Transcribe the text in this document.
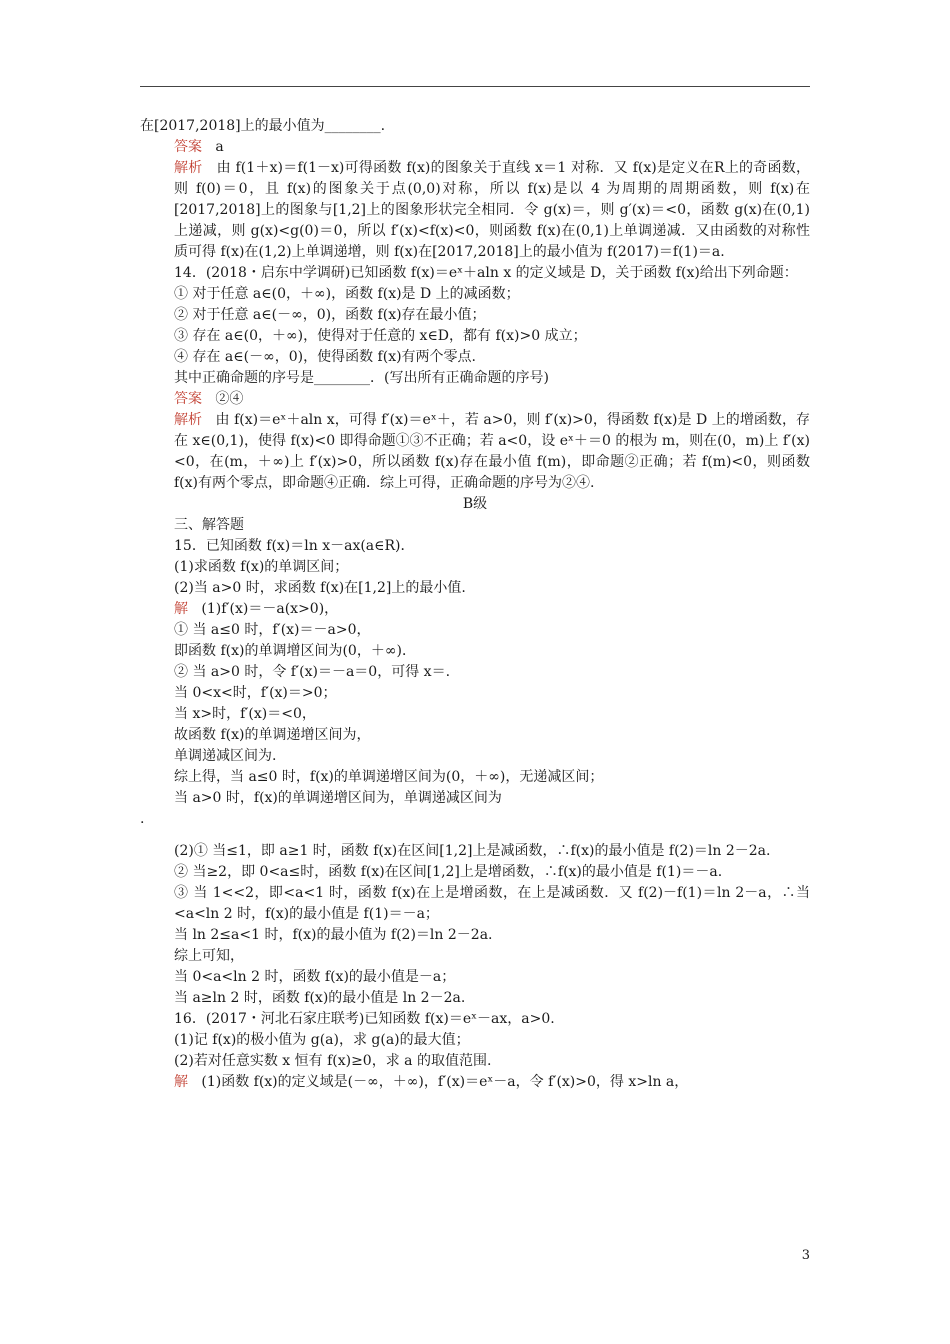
在[2017,2018]上的最小值为________.

答案 a

解析 由 f(1＋x)＝f(1－x)可得函数 f(x)的图象关于直线 x＝1 对称．又 f(x)是定义在R上的奇函数，则 f(0)＝0，且 f(x)的图象关于点(0,0)对称，所以 f(x)是以 4 为周期的周期函数，则 f(x)在[2017,2018]上的图象与[1,2]上的图象形状完全相同．令 g(x)＝，则 g′(x)＝<0，函数 g(x)在(0,1)上递减，则 g(x)<g(0)＝0，所以 f′(x)<f(x)<0，则函数 f(x)在(0,1)上单调递减．又由函数的对称性质可得 f(x)在(1,2)上单调递增，则 f(x)在[2017,2018]上的最小值为 f(2017)＝f(1)＝a.

14．(2018・启东中学调研)已知函数 f(x)＝eˣ＋aln x 的定义域是 D，关于函数 f(x)给出下列命题：

① 对于任意 a∈(0，＋∞)，函数 f(x)是 D 上的减函数；

② 对于任意 a∈(－∞，0)，函数 f(x)存在最小值；

③ 存在 a∈(0，＋∞)，使得对于任意的 x∈D，都有 f(x)>0 成立；

④ 存在 a∈(－∞，0)，使得函数 f(x)有两个零点.

其中正确命题的序号是________．(写出所有正确命题的序号)

答案 ②④

解析 由 f(x)＝eˣ＋aln x，可得 f′(x)＝eˣ＋，若 a>0，则 f′(x)>0，得函数 f(x)是 D 上的增函数，存在 x∈(0,1)，使得 f(x)<0 即得命题①③不正确；若 a<0，设 eˣ＋＝0 的根为 m，则在(0，m)上 f′(x)<0，在(m，＋∞)上 f′(x)>0，所以函数 f(x)存在最小值 f(m)，即命题②正确；若 f(m)<0，则函数 f(x)有两个零点，即命题④正确．综上可得，正确命题的序号为②④.

B级

三、解答题

15．已知函数 f(x)＝ln x－ax(a∈R)．

(1)求函数 f(x)的单调区间；

(2)当 a>0 时，求函数 f(x)在[1,2]上的最小值.

解 (1)f′(x)＝－a(x>0)，

① 当 a≤0 时，f′(x)＝－a>0，

即函数 f(x)的单调增区间为(0，＋∞)．

② 当 a>0 时，令 f′(x)＝－a＝0，可得 x＝.

当 0<x<时，f′(x)＝>0；

当 x>时，f′(x)＝<0，

故函数 f(x)的单调递增区间为，

单调递减区间为.

综上得，当 a≤0 时，f(x)的单调递增区间为(0，＋∞)，无递减区间；

当 a>0 时，f(x)的单调递增区间为，单调递减区间为

.

(2)① 当≤1，即 a≥1 时，函数 f(x)在区间[1,2]上是减函数，∴f(x)的最小值是 f(2)＝ln 2－2a.

② 当≥2，即 0<a≤时，函数 f(x)在区间[1,2]上是增函数，∴f(x)的最小值是 f(1)＝－a.

③ 当 1<<2，即<a<1 时，函数 f(x)在上是增函数，在上是减函数．又 f(2)－f(1)＝ln 2－a，∴当<a<ln 2 时，f(x)的最小值是 f(1)＝－a；

当 ln 2≤a<1 时，f(x)的最小值为 f(2)＝ln 2－2a.

综上可知，

当 0<a<ln 2 时，函数 f(x)的最小值是－a；

当 a≥ln 2 时，函数 f(x)的最小值是 ln 2－2a.

16．(2017・河北石家庄联考)已知函数 f(x)＝eˣ－ax，a>0.

(1)记 f(x)的极小值为 g(a)，求 g(a)的最大值；

(2)若对任意实数 x 恒有 f(x)≥0，求 a 的取值范围.

解 (1)函数 f(x)的定义域是(－∞，＋∞)，f′(x)＝eˣ－a，令 f′(x)>0，得 x>ln a，

3
